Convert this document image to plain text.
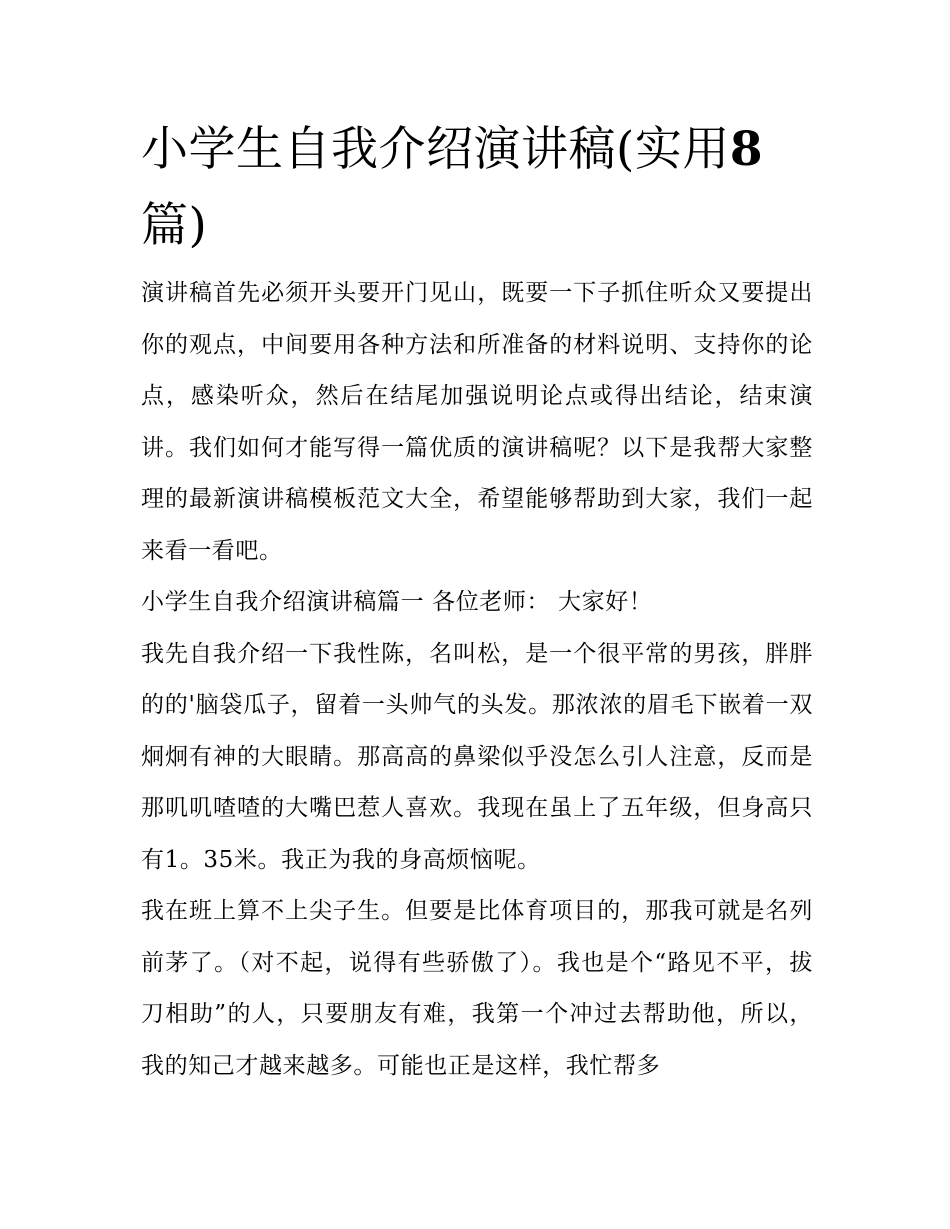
小学生自我介绍演讲稿(实用8
篇)

演讲稿首先必须开头要开门见山，既要一下子抓住听众又要提出你的观点，中间要用各种方法和所准备的材料说明、支持你的论点，感染听众，然后在结尾加强说明论点或得出结论，结束演讲。我们如何才能写得一篇优质的演讲稿呢？以下是我帮大家整理的最新演讲稿模板范文大全，希望能够帮助到大家，我们一起来看一看吧。

小学生自我介绍演讲稿篇一 各位老师： 大家好！

我先自我介绍一下我性陈，名叫松，是一个很平常的男孩，胖胖的的'脑袋瓜子，留着一头帅气的头发。那浓浓的眉毛下嵌着一双炯炯有神的大眼睛。那高高的鼻梁似乎没怎么引人注意，反而是那叽叽喳喳的大嘴巴惹人喜欢。我现在虽上了五年级，但身高只有1。35米。我正为我的身高烦恼呢。

我在班上算不上尖子生。但要是比体育项目的，那我可就是名列前茅了。（对不起，说得有些骄傲了）。我也是个“路见不平，拔刀相助”的人，只要朋友有难，我第一个冲过去帮助他，所以，我的知己才越来越多。可能也正是这样，我忙帮多
